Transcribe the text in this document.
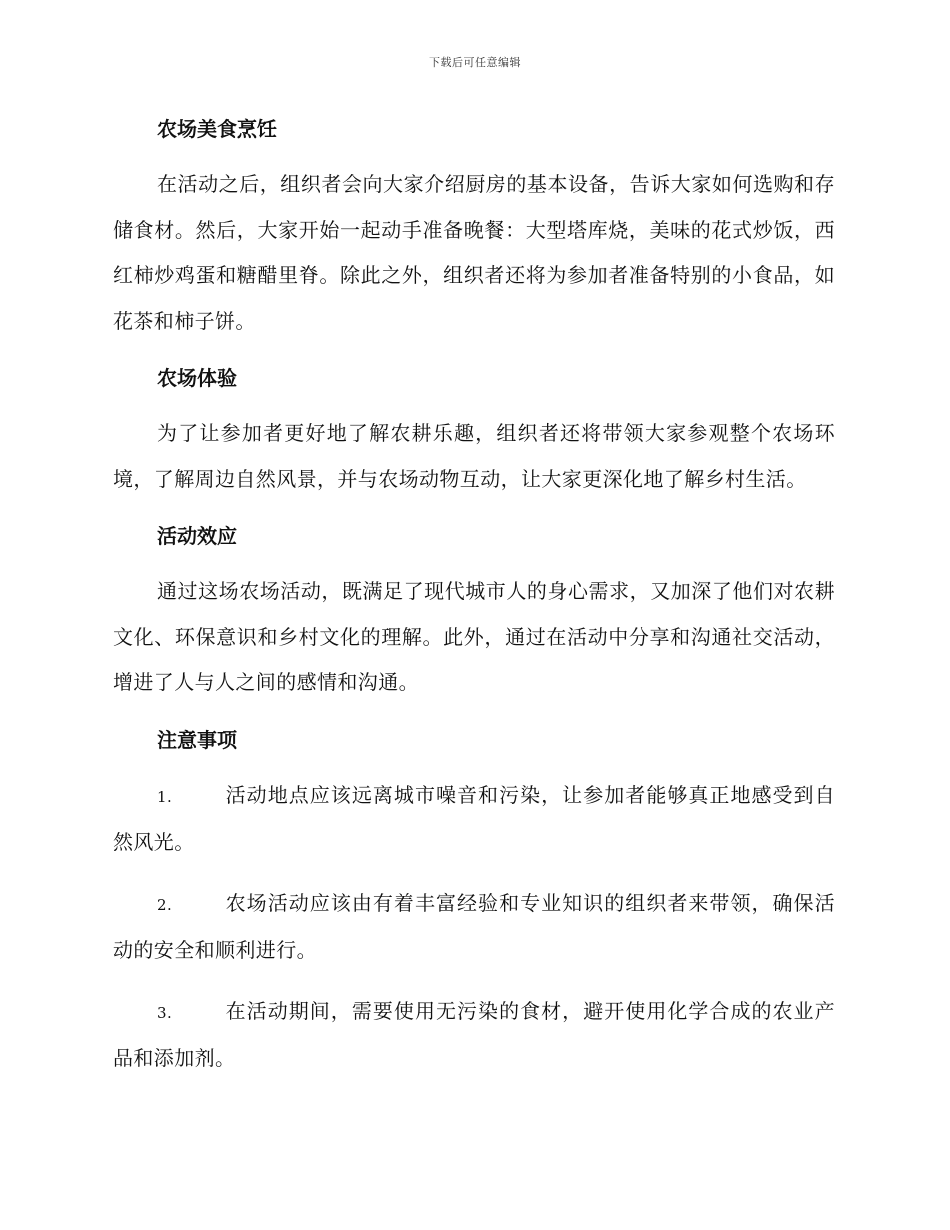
下载后可任意编辑
农场美食烹饪

在活动之后，组织者会向大家介绍厨房的基本设备，告诉大家如何选购和存储食材。然后，大家开始一起动手准备晚餐：大型塔库烧，美味的花式炒饭，西红柿炒鸡蛋和糖醋里脊。除此之外，组织者还将为参加者准备特别的小食品，如花茶和柿子饼。

农场体验

为了让参加者更好地了解农耕乐趣，组织者还将带领大家参观整个农场环境，了解周边自然风景，并与农场动物互动，让大家更深化地了解乡村生活。

活动效应

通过这场农场活动，既满足了现代城市人的身心需求，又加深了他们对农耕文化、环保意识和乡村文化的理解。此外，通过在活动中分享和沟通社交活动，增进了人与人之间的感情和沟通。

注意事项

1.	活动地点应该远离城市噪音和污染，让参加者能够真正地感受到自然风光。

2.	农场活动应该由有着丰富经验和专业知识的组织者来带领，确保活动的安全和顺利进行。

3.	在活动期间，需要使用无污染的食材，避开使用化学合成的农业产品和添加剂。
